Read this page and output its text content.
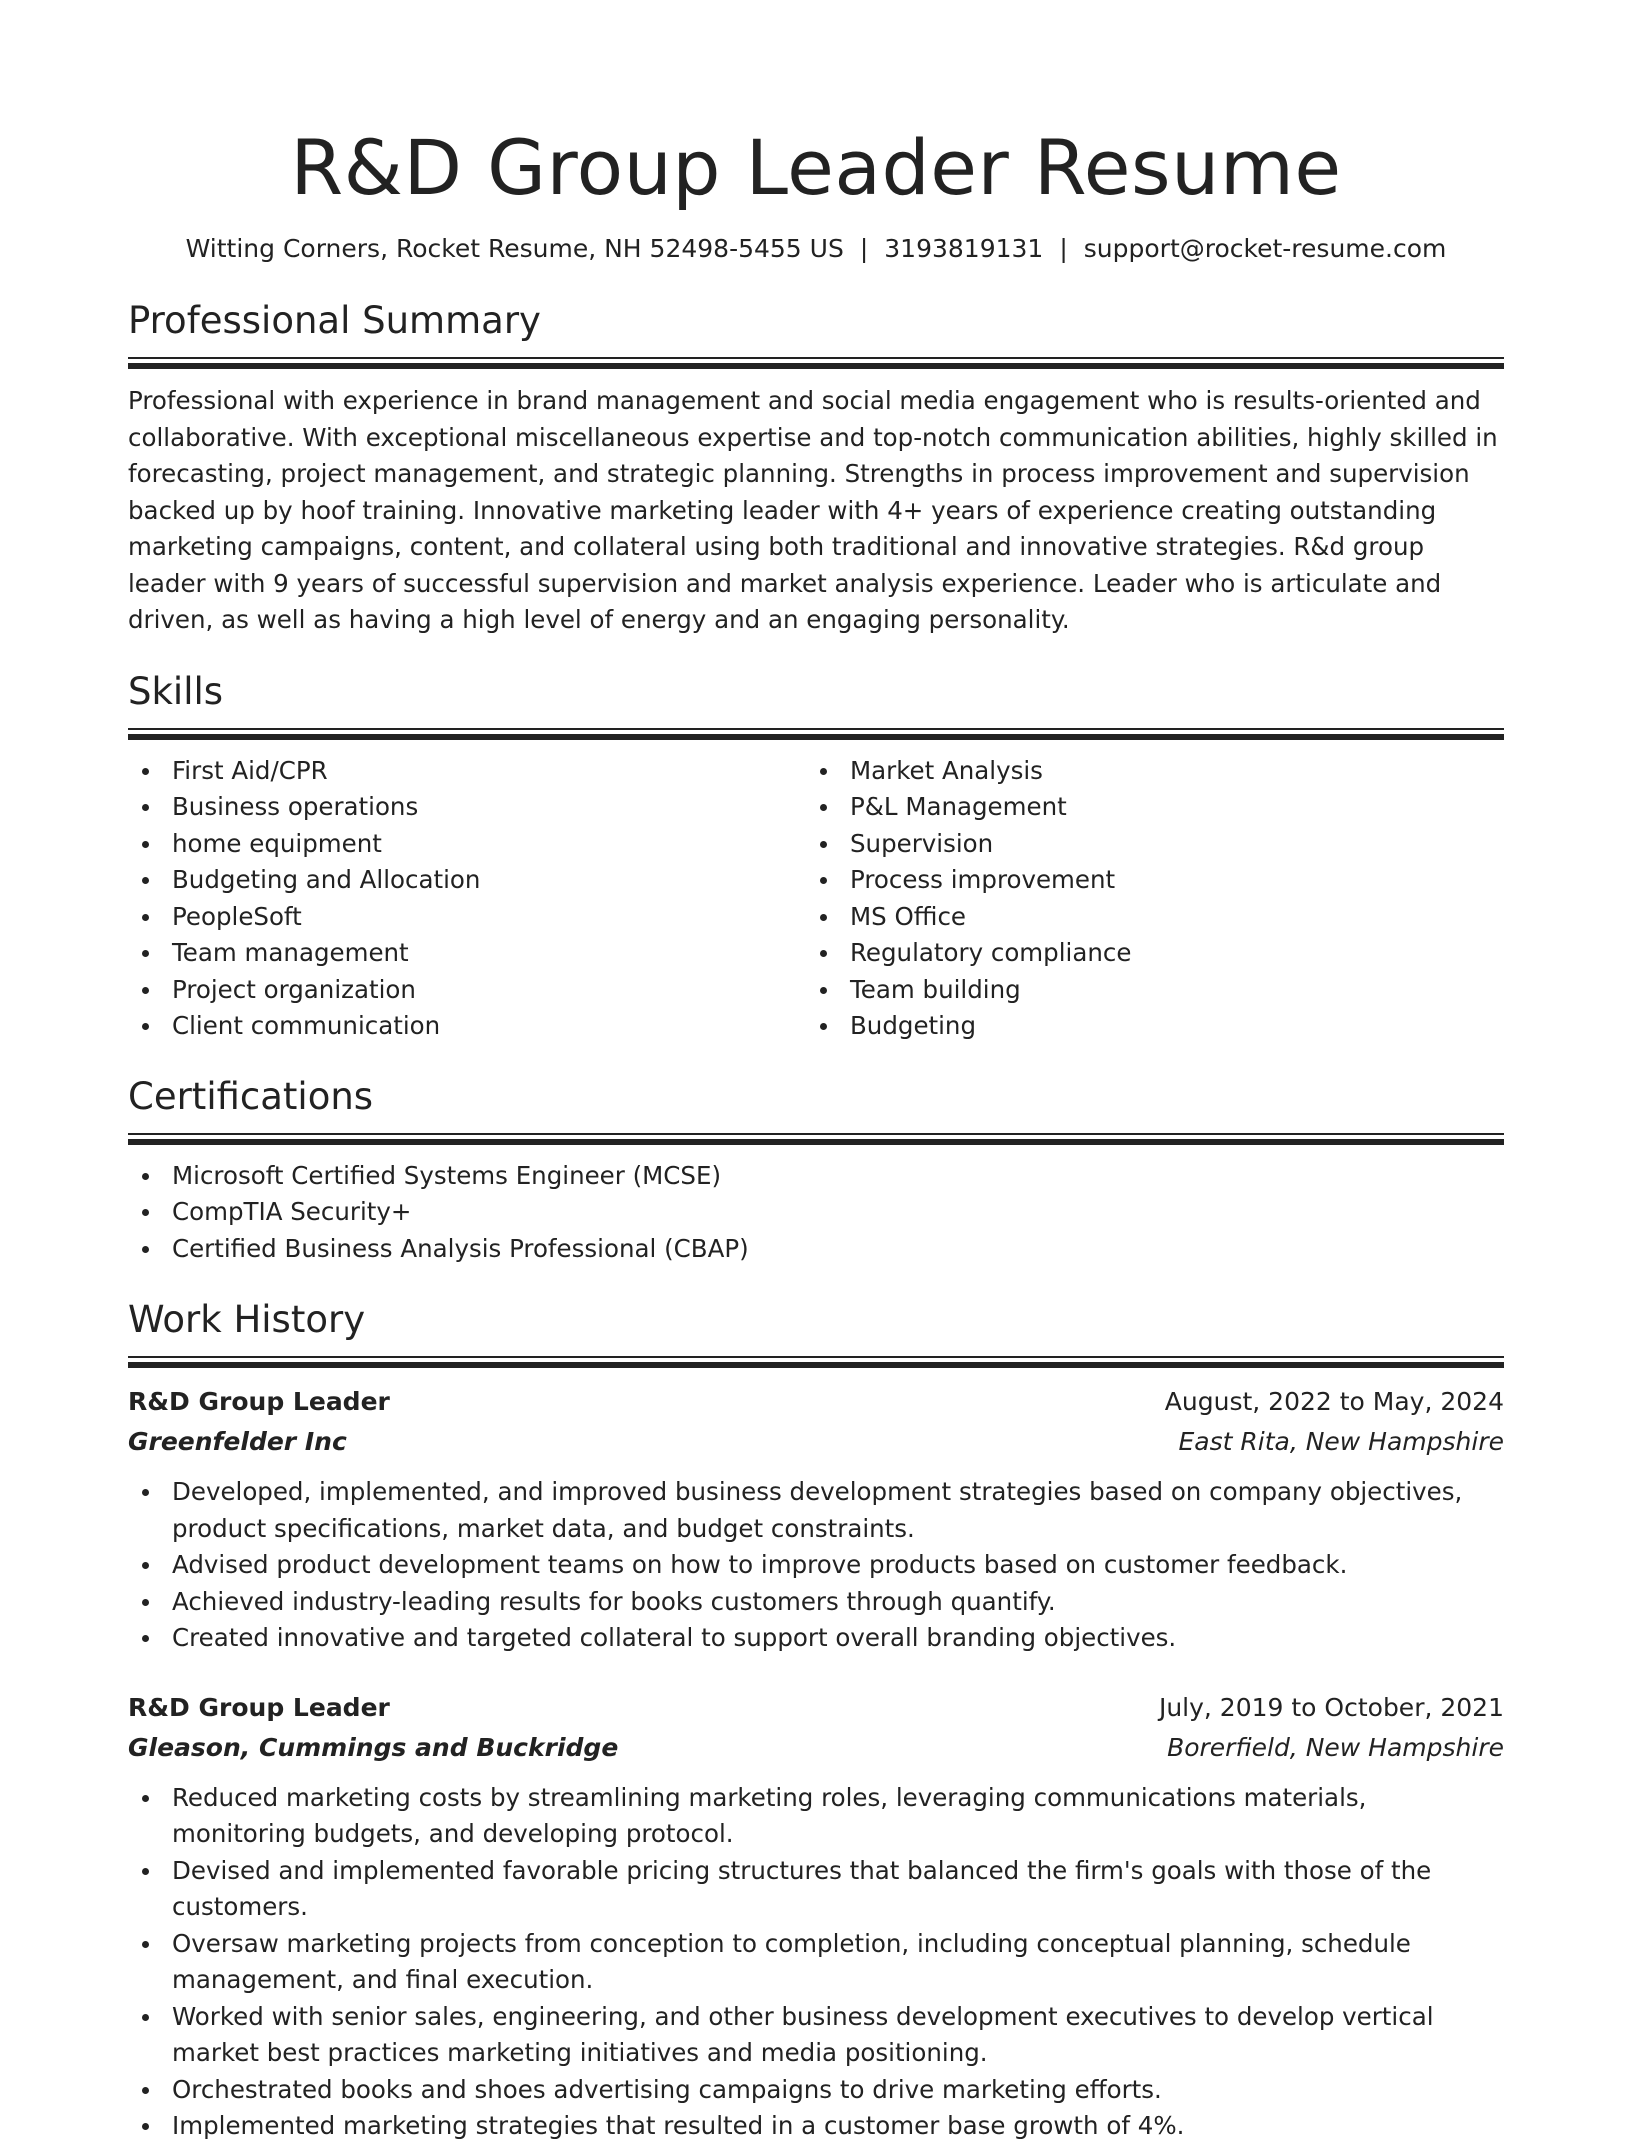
R&D Group Leader Resume
Witting Corners, Rocket Resume, NH 52498-5455 US | 3193819131 | support@rocket-resume.com
Professional Summary

Professional with experience in brand management and social media engagement who is results-oriented and collaborative. With exceptional miscellaneous expertise and top-notch communication abilities, highly skilled in forecasting, project management, and strategic planning. Strengths in process improvement and supervision backed up by hoof training. Innovative marketing leader with 4+ years of experience creating outstanding marketing campaigns, content, and collateral using both traditional and innovative strategies. R&d group leader with 9 years of successful supervision and market analysis experience. Leader who is articulate and driven, as well as having a high level of energy and an engaging personality.

Skills
First Aid/CPR
Business operations
home equipment
Budgeting and Allocation
PeopleSoft
Team management
Project organization
Client communication
Market Analysis
P&L Management
Supervision
Process improvement
MS Office
Regulatory compliance
Team building
Budgeting
Certifications
Microsoft Certified Systems Engineer (MCSE)
CompTIA Security+
Certified Business Analysis Professional (CBAP)
Work History
R&D Group Leader	August, 2022 to May, 2024
Greenfelder Inc	East Rita, New Hampshire
Developed, implemented, and improved business development strategies based on company objectives, product specifications, market data, and budget constraints.
Advised product development teams on how to improve products based on customer feedback.
Achieved industry-leading results for books customers through quantify.
Created innovative and targeted collateral to support overall branding objectives.
R&D Group Leader	July, 2019 to October, 2021
Gleason, Cummings and Buckridge	Borerfield, New Hampshire
Reduced marketing costs by streamlining marketing roles, leveraging communications materials, monitoring budgets, and developing protocol.
Devised and implemented favorable pricing structures that balanced the firm's goals with those of the customers.
Oversaw marketing projects from conception to completion, including conceptual planning, schedule management, and final execution.
Worked with senior sales, engineering, and other business development executives to develop vertical market best practices marketing initiatives and media positioning.
Orchestrated books and shoes advertising campaigns to drive marketing efforts.
Implemented marketing strategies that resulted in a customer base growth of 4%.
